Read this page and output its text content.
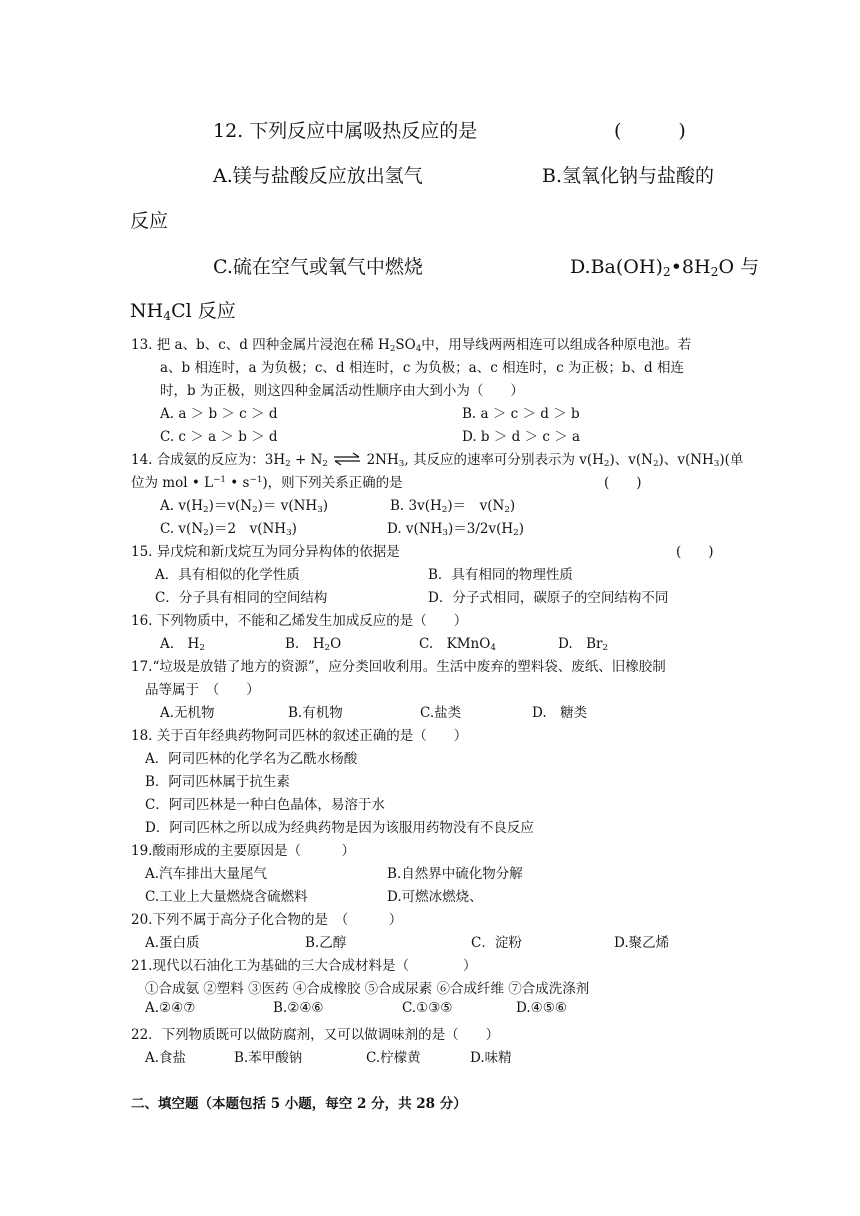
12. 下列反应中属吸热反应的是	(　　　)
A.镁与盐酸反应放出氢气	B.氢氧化钠与盐酸的
反应
C.硫在空气或氧气中燃烧	$D.Ba(OH)_2•8H_2O$ 与
$NH_4Cl$ 反应
13. 把 a、b、c、d 四种金属片浸泡在稀 $H_2SO_4$中，用导线两两相连可以组成各种原电池。若
a、b 相连时，a 为负极；c、d 相连时，c 为负极；a、c 相连时，c 为正极；b、d 相连
时，b 为正极，则这四种金属活动性顺序由大到小为（　　）
A. a ＞ b ＞ c ＞ d	B. a ＞ c ＞ d ＞ b
C. c ＞ a ＞ b ＞ d	D. b ＞ d ＞ c ＞ a
14. 合成氨的反应为：$3H_2 + N_2$ ⇌ $2NH_3$, 其反应的速率可分别表示为 $v(H_2)$、$v(N_2)$、$v(NH_3)$(单
位为 mol • $L^{-1}$ • $s^{-1}$)，则下列关系正确的是	(　　)
A. $v(H_2)=v(N_2)= v(NH_3)$	B. $3v(H_2)=$　$v(N_2)$
C. $v(N_2)=2$　$v(NH_3)$	D. $v(NH_3)=3/2v(H_2)$
15. 异戊烷和新戊烷互为同分异构体的依据是	(　　)
A．具有相似的化学性质	B．具有相同的物理性质
C．分子具有相同的空间结构	D．分子式相同，碳原子的空间结构不同
16. 下列物质中，不能和乙烯发生加成反应的是（　　）
A.　$H_2$	B.　$H_2O$	C.　KMnO$_4$	D.　$Br_2$
17.“垃圾是放错了地方的资源”，应分类回收利用。生活中废弃的塑料袋、废纸、旧橡胶制
品等属于　（　　）
A.无机物	B.有机物	C.盐类	D.　糖类
18. 关于百年经典药物阿司匹林的叙述正确的是（　　）
A．阿司匹林的化学名为乙酰水杨酸
B．阿司匹林属于抗生素
C．阿司匹林是一种白色晶体，易溶于水
D．阿司匹林之所以成为经典药物是因为该服用药物没有不良反应
19.酸雨形成的主要原因是（　　　）
A.汽车排出大量尾气	B.自然界中硫化物分解
C.工业上大量燃烧含硫燃料	D.可燃冰燃烧、
20.下列不属于高分子化合物的是　（　　　）
A.蛋白质	B.乙醇	C．淀粉	D.聚乙烯
21.现代以石油化工为基础的三大合成材料是（　　　　）
①合成氨 ②塑料 ③医药 ④合成橡胶 ⑤合成尿素 ⑥合成纤维 ⑦合成洗涤剂
A.②④⑦	B.②④⑥	C.①③⑤	D.④⑤⑥
22．下列物质既可以做防腐剂，又可以做调味剂的是（　　）
A.食盐	B.苯甲酸钠	C.柠檬黄	D.味精
二、填空题（本题包括 5 小题，每空 2 分，共 28 分）
